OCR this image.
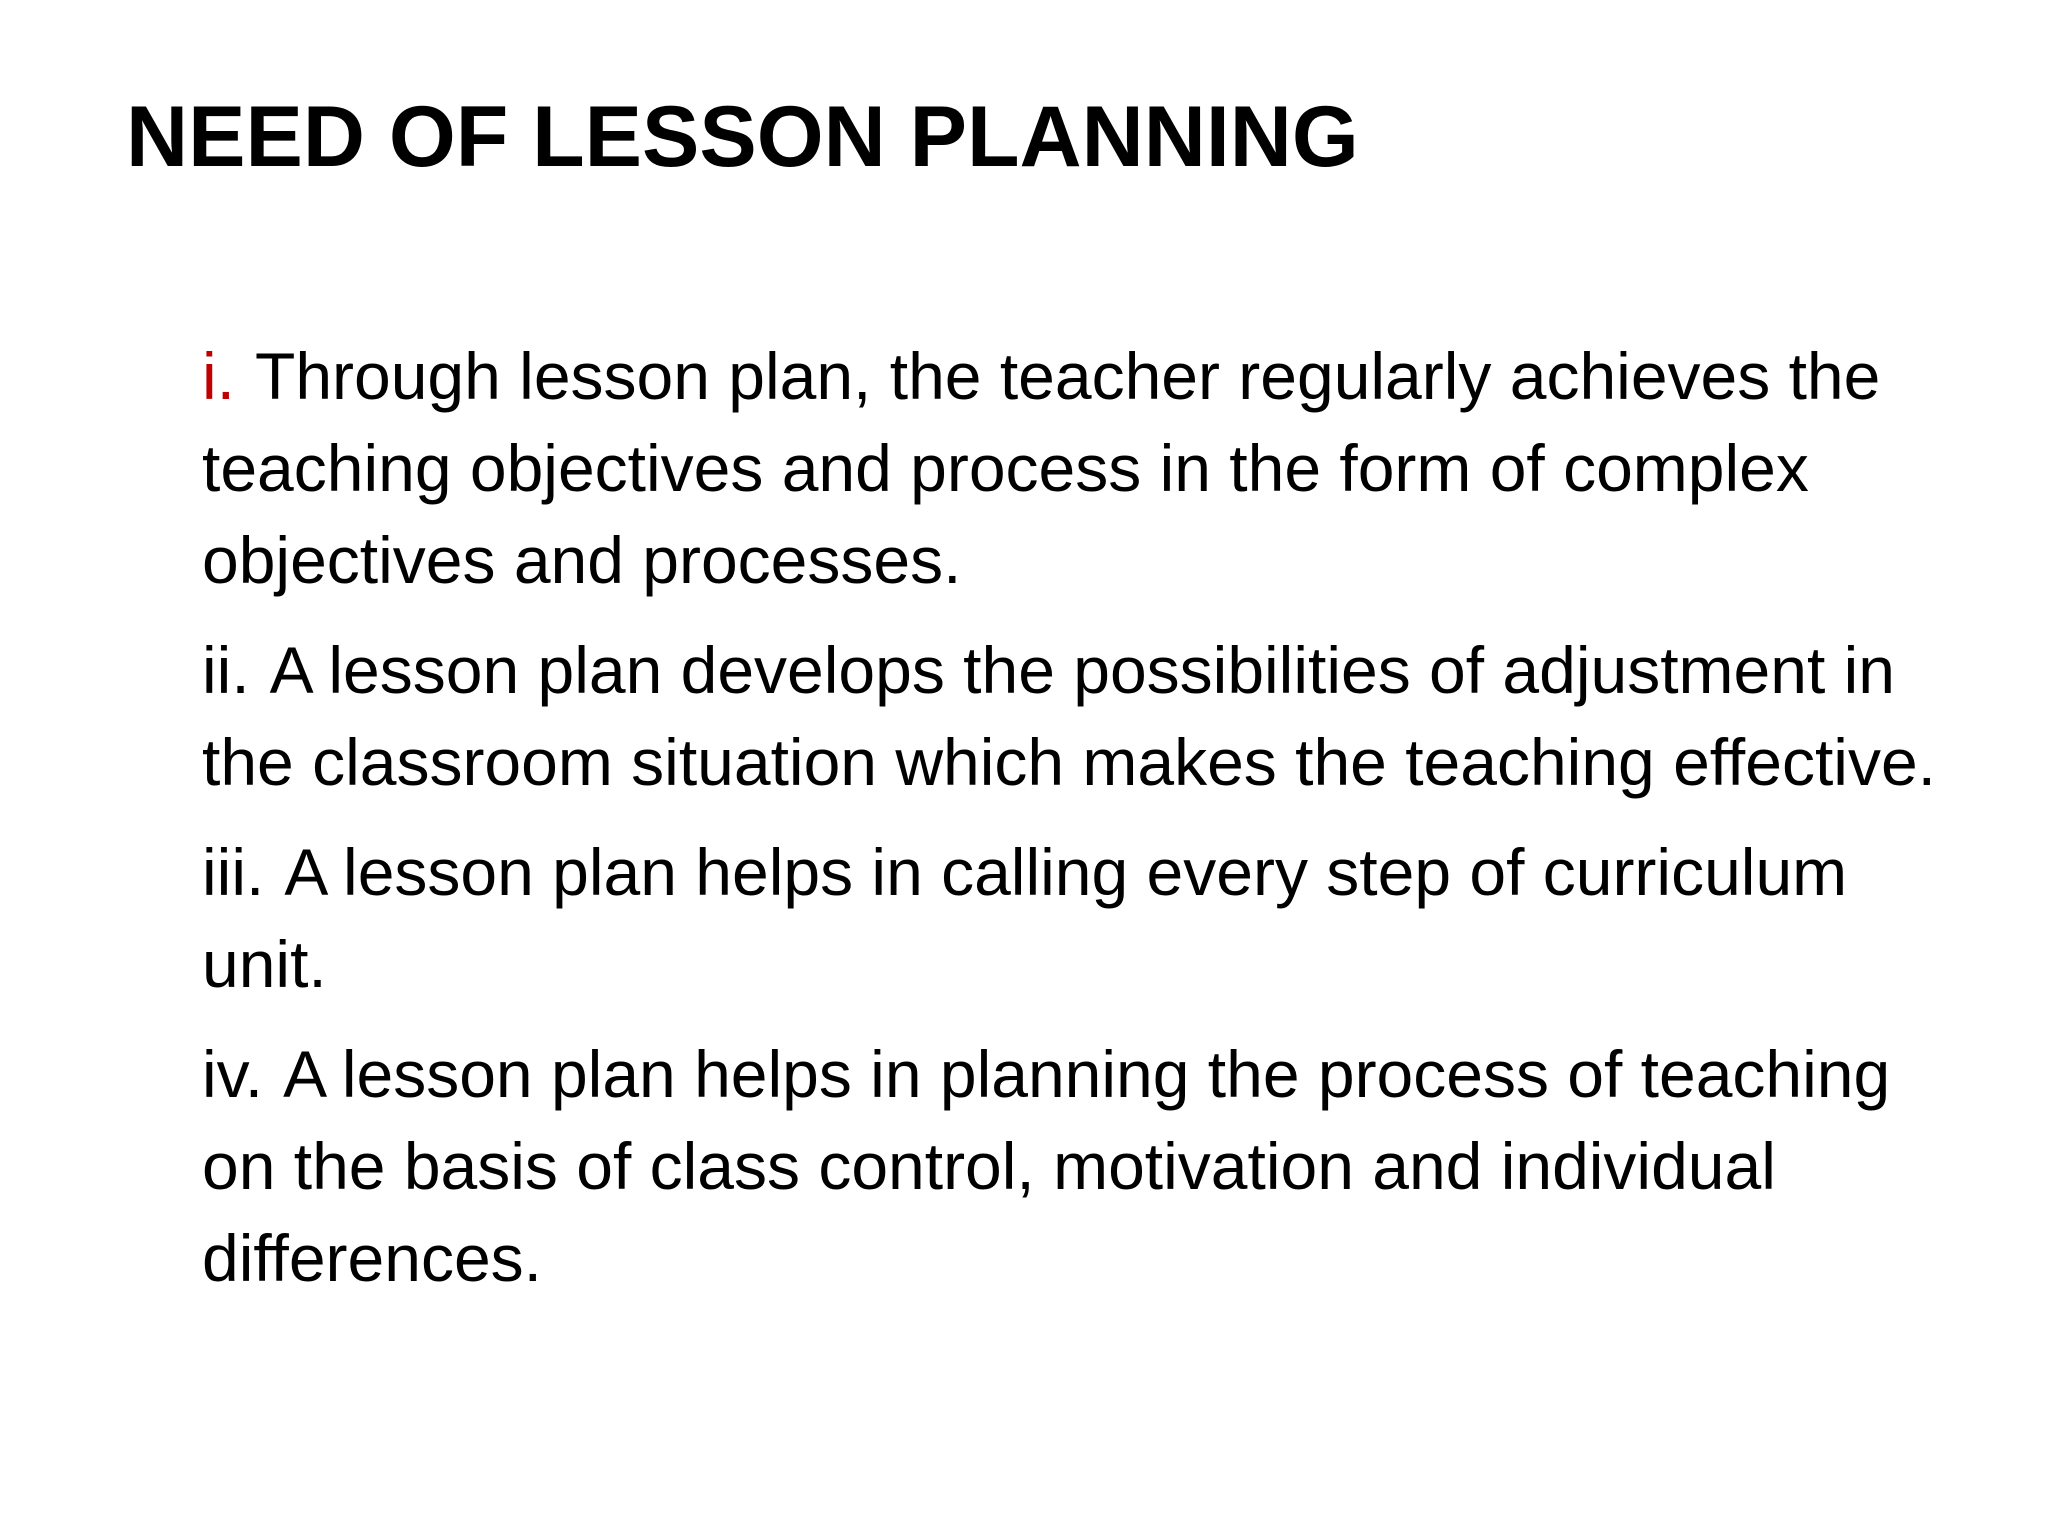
NEED OF LESSON PLANNING
i. Through lesson plan, the teacher regularly achieves the teaching objectives and process in the form of complex objectives and processes.
ii. A lesson plan develops the possibilities of adjustment in the classroom situation which makes the teaching effective.
iii. A lesson plan helps in calling every step of curriculum unit.
iv. A lesson plan helps in planning the process of teaching on the basis of class control, motivation and individual differences.
